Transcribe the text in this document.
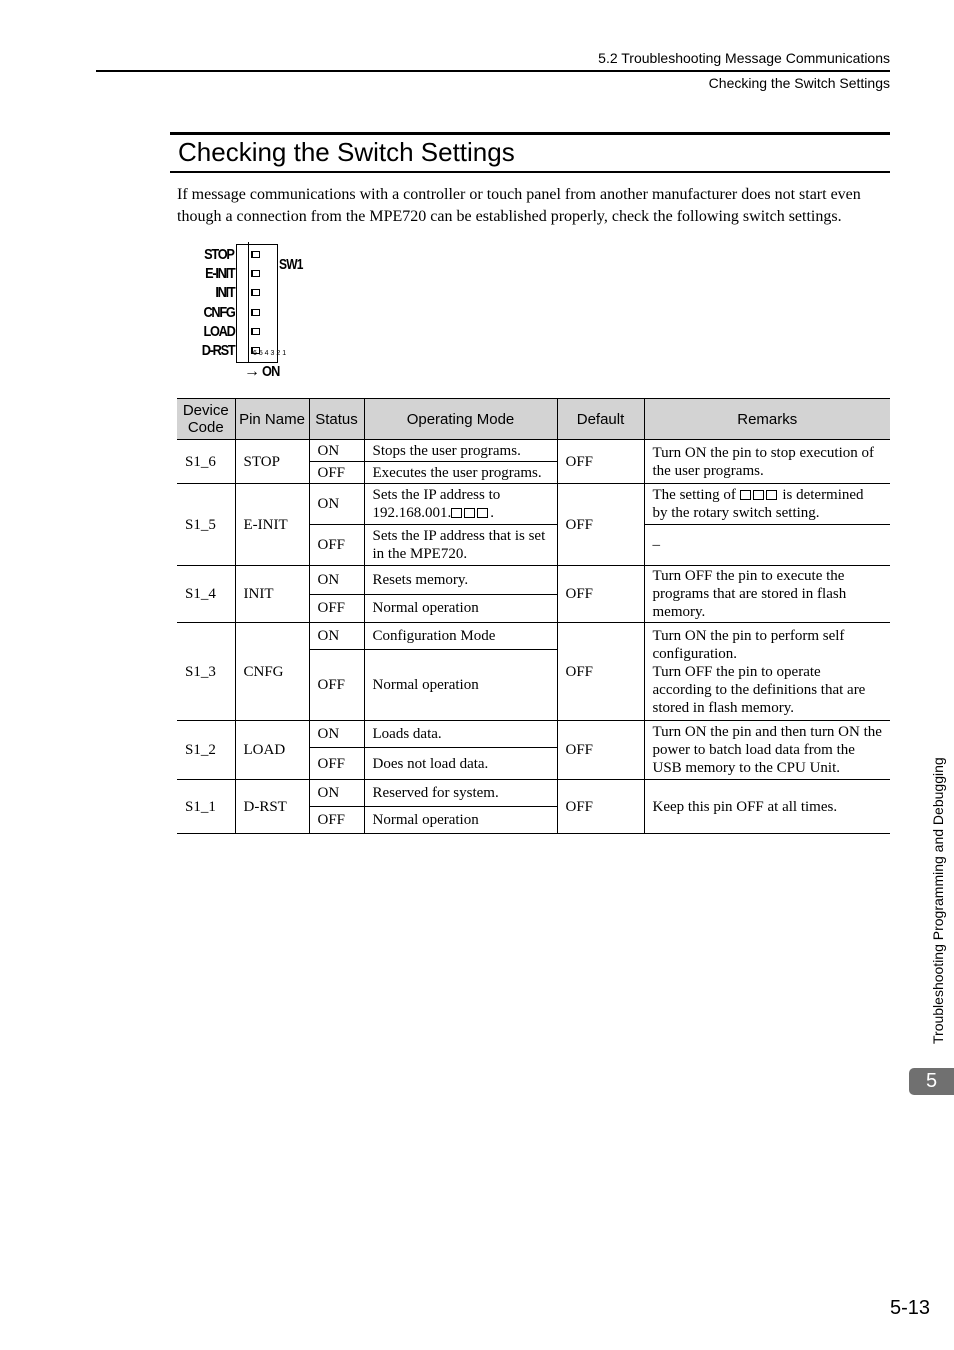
5.2 Troubleshooting Message Communications
Checking the Switch Settings
Checking the Switch Settings

If message communications with a controller or touch panel from another manufacturer does not start even though a connection from the MPE720 can be established properly, check the following switch settings.

STOP
E-INIT
INIT
CNFG
LOAD
D-RST	6 5 4 3 2 1
SW1
→ ON
Device Code	Pin Name	Status	Operating Mode	Default	Remarks
S1_6	STOP	ON	Stops the user programs.	OFF	Turn ON the pin to stop execution of the user programs.
		OFF	Executes the user programs.		
S1_5	E-INIT	ON	Sets the IP address to 192.168.001. .	OFF	The setting of is determined by the rotary switch setting.
		OFF	Sets the IP address that is set in the MPE720.		–
S1_4	INIT	ON	Resets memory.	OFF	Turn OFF the pin to execute the programs that are stored in flash memory.
		OFF	Normal operation		
S1_3	CNFG	ON	Configuration Mode	OFF	Turn ON the pin to perform self configuration.
Turn OFF the pin to operate according to the definitions that are stored in flash memory.

		OFF	Normal operation		
S1_2	LOAD	ON	Loads data.	OFF	Turn ON the pin and then turn ON the power to batch load data from the USB memory to the CPU Unit.
		OFF	Does not load data.		
S1_1	D-RST	ON	Reserved for system.	OFF	Keep this pin OFF at all times.
		OFF	Normal operation			Troubleshooting Programming and Debugging
5
5-13
